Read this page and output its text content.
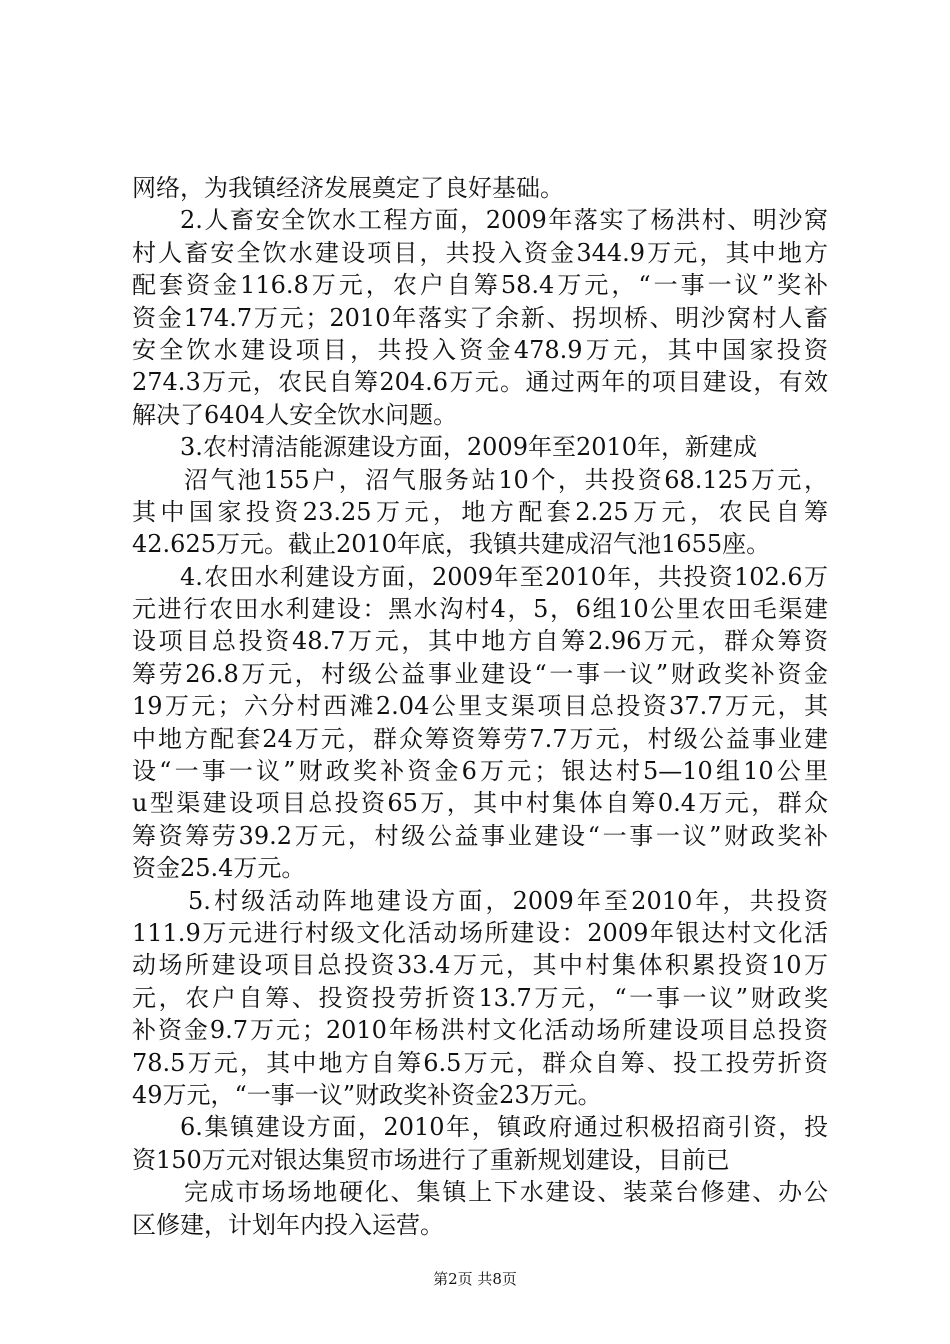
网络，为我镇经济发展奠定了良好基础。
2.人畜安全饮水工程方面，2009年落实了杨洪村、明沙窝
村人畜安全饮水建设项目，共投入资金344.9万元，其中地方
配套资金116.8万元，农户自筹58.4万元，“一事一议”奖补
资金174.7万元；2010年落实了余新、拐坝桥、明沙窝村人畜
安全饮水建设项目，共投入资金478.9万元，其中国家投资
274.3万元，农民自筹204.6万元。通过两年的项目建设，有效
解决了6404人安全饮水问题。
3.农村清洁能源建设方面，2009年至2010年，新建成
沼气池155户，沼气服务站10个，共投资68.125万元，
其中国家投资23.25万元，地方配套2.25万元，农民自筹
42.625万元。截止2010年底，我镇共建成沼气池1655座。
4.农田水利建设方面，2009年至2010年，共投资102.6万
元进行农田水利建设：黑水沟村4，5，6组10公里农田毛渠建
设项目总投资48.7万元，其中地方自筹2.96万元，群众筹资
筹劳26.8万元，村级公益事业建设“一事一议”财政奖补资金
19万元；六分村西滩2.04公里支渠项目总投资37.7万元，其
中地方配套24万元，群众筹资筹劳7.7万元，村级公益事业建
设“一事一议”财政奖补资金6万元；银达村5—10组10公里
u型渠建设项目总投资65万，其中村集体自筹0.4万元，群众
筹资筹劳39.2万元，村级公益事业建设“一事一议”财政奖补
资金25.4万元。
5.村级活动阵地建设方面，2009年至2010年，共投资
111.9万元进行村级文化活动场所建设：2009年银达村文化活
动场所建设项目总投资33.4万元，其中村集体积累投资10万
元，农户自筹、投资投劳折资13.7万元，“一事一议”财政奖
补资金9.7万元；2010年杨洪村文化活动场所建设项目总投资
78.5万元，其中地方自筹6.5万元，群众自筹、投工投劳折资
49万元，“一事一议”财政奖补资金23万元。
6.集镇建设方面，2010年，镇政府通过积极招商引资，投
资150万元对银达集贸市场进行了重新规划建设，目前已
完成市场场地硬化、集镇上下水建设、装菜台修建、办公
区修建，计划年内投入运营。
第2页 共8页
